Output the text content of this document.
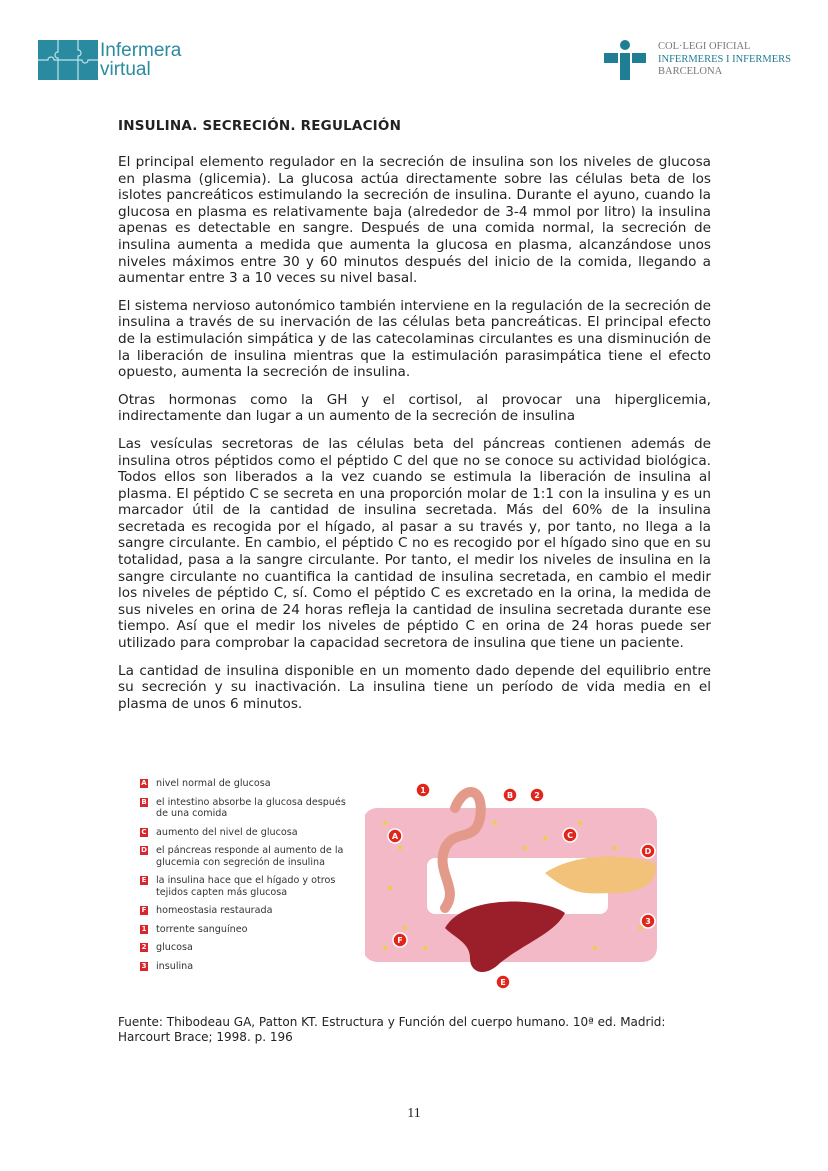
Infermera
virtual
COL·LEGI OFICIAL
INFERMERES I INFERMERS
BARCELONA
INSULINA. SECRECIÓN. REGULACIÓN

El principal elemento regulador en la secreción de insulina son los niveles de glucosa en plasma (glicemia). La glucosa actúa directamente sobre las células beta de los islotes pancreáticos estimulando la secreción de insulina. Durante el ayuno, cuando la glucosa en plasma es relativamente baja (alrededor de 3-4 mmol por litro) la insulina apenas es detectable en sangre. Después de una comida normal, la secreción de insulina aumenta a medida que aumenta la glucosa en plasma, alcanzándose unos niveles máximos entre 30 y 60 minutos después del inicio de la comida, llegando a aumentar entre 3 a 10 veces su nivel basal.

El sistema nervioso autonómico también interviene en la regulación de la secreción de insulina a través de su inervación de las células beta pancreáticas. El principal efecto de la estimulación simpática y de las catecolaminas circulantes es una disminución de la liberación de insulina mientras que la estimulación parasimpática tiene el efecto opuesto, aumenta la secreción de insulina.

Otras hormonas como la GH y el cortisol, al provocar una hiperglicemia, indirectamente dan lugar a un aumento de la secreción de insulina

Las vesículas secretoras de las células beta del páncreas contienen además de insulina otros péptidos como el péptido C del que no se conoce su actividad biológica. Todos ellos son liberados a la vez cuando se estimula la liberación de insulina al plasma. El péptido C se secreta en una proporción molar de 1:1 con la insulina y es un marcador útil de la cantidad de insulina secretada. Más del 60% de la insulina secretada es recogida por el hígado, al pasar a su través y, por tanto, no llega a la sangre circulante. En cambio, el péptido C no es recogido por el hígado sino que en su totalidad, pasa a la sangre circulante. Por tanto, el medir los niveles de insulina en la sangre circulante no cuantifica la cantidad de insulina secretada, en cambio el medir los niveles de péptido C, sí. Como el péptido C es excretado en la orina, la medida de sus niveles en orina de 24 horas refleja la cantidad de insulina secretada durante ese tiempo. Así que el medir los niveles de péptido C en orina de 24 horas puede ser utilizado para comprobar la capacidad secretora de insulina que tiene un paciente.

La cantidad de insulina disponible en un momento dado depende del equilibrio entre su secreción y su inactivación. La insulina tiene un período de vida media en el plasma de unos 6 minutos.

A nivel normal de glucosa
B el intestino absorbe la glucosa después de una comida
C aumento del nivel de glucosa
D el páncreas responde al aumento de la glucemia con segreción de insulina
E la insulina hace que el hígado y otros tejidos capten más glucosa
F homeostasia restaurada
1 torrente sanguíneo
2 glucosa
3 insulina
A
B
C
D
E
F
1
2
3
Fuente: Thibodeau GA, Patton KT. Estructura y Función del cuerpo humano. 10ª ed. Madrid: Harcourt Brace; 1998. p. 196
11
